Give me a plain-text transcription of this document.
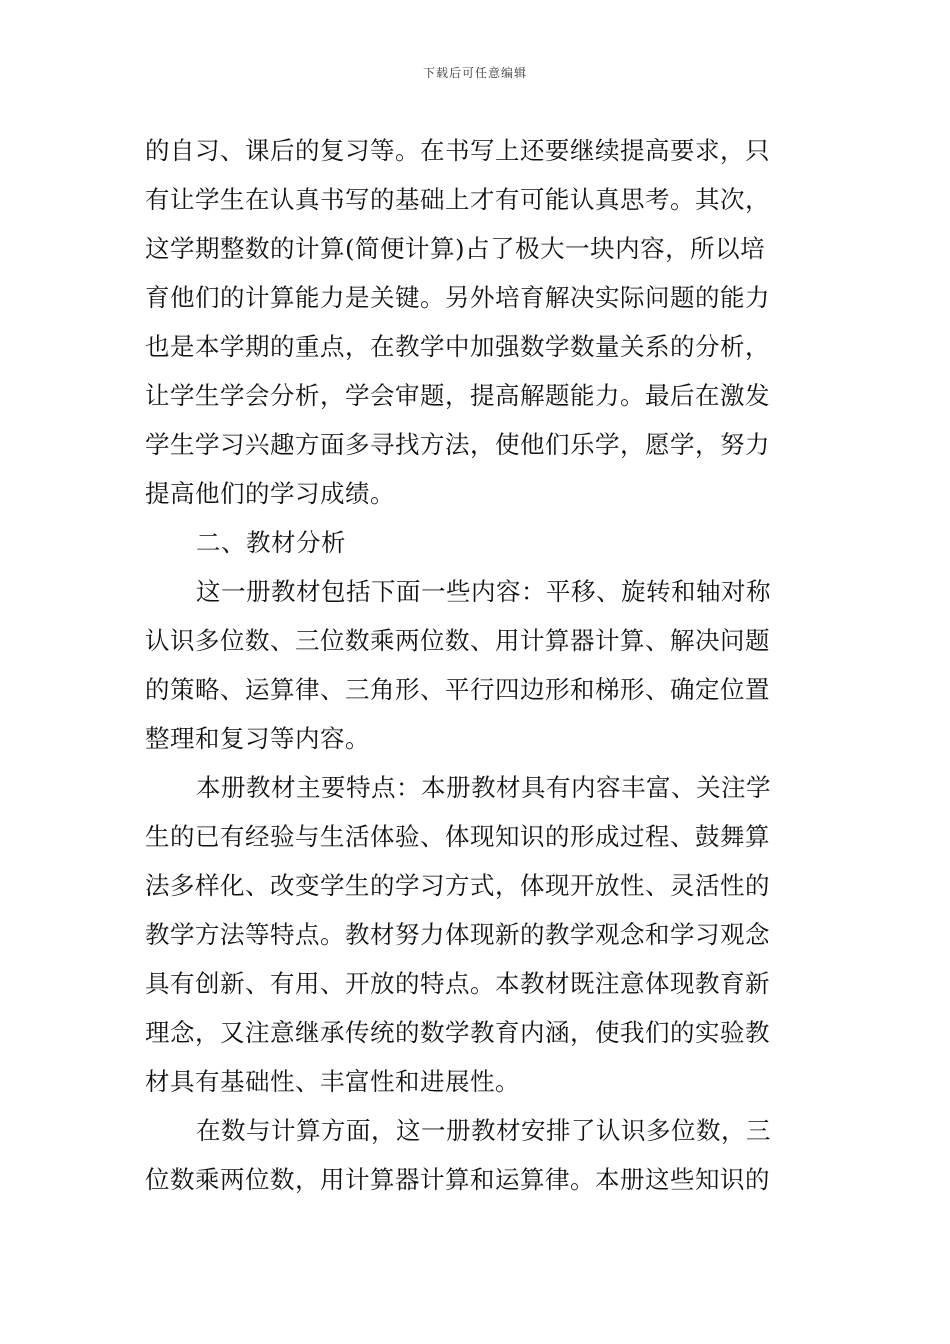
下载后可任意编辑
的自习、课后的复习等。在书写上还要继续提高要求，只
有让学生在认真书写的基础上才有可能认真思考。其次，
这学期整数的计算(简便计算)占了极大一块内容，所以培
育他们的计算能力是关键。另外培育解决实际问题的能力
也是本学期的重点，在教学中加强数学数量关系的分析，
让学生学会分析，学会审题，提高解题能力。最后在激发
学生学习兴趣方面多寻找方法，使他们乐学，愿学，努力
提高他们的学习成绩。
二、教材分析
这一册教材包括下面一些内容：平移、旋转和轴对称
认识多位数、三位数乘两位数、用计算器计算、解决问题
的策略、运算律、三角形、平行四边形和梯形、确定位置
整理和复习等内容。
本册教材主要特点：本册教材具有内容丰富、关注学
生的已有经验与生活体验、体现知识的形成过程、鼓舞算
法多样化、改变学生的学习方式，体现开放性、灵活性的
教学方法等特点。教材努力体现新的教学观念和学习观念
具有创新、有用、开放的特点。本教材既注意体现教育新
理念，又注意继承传统的数学教育内涵，使我们的实验教
材具有基础性、丰富性和进展性。
在数与计算方面，这一册教材安排了认识多位数，三
位数乘两位数，用计算器计算和运算律。本册这些知识的
